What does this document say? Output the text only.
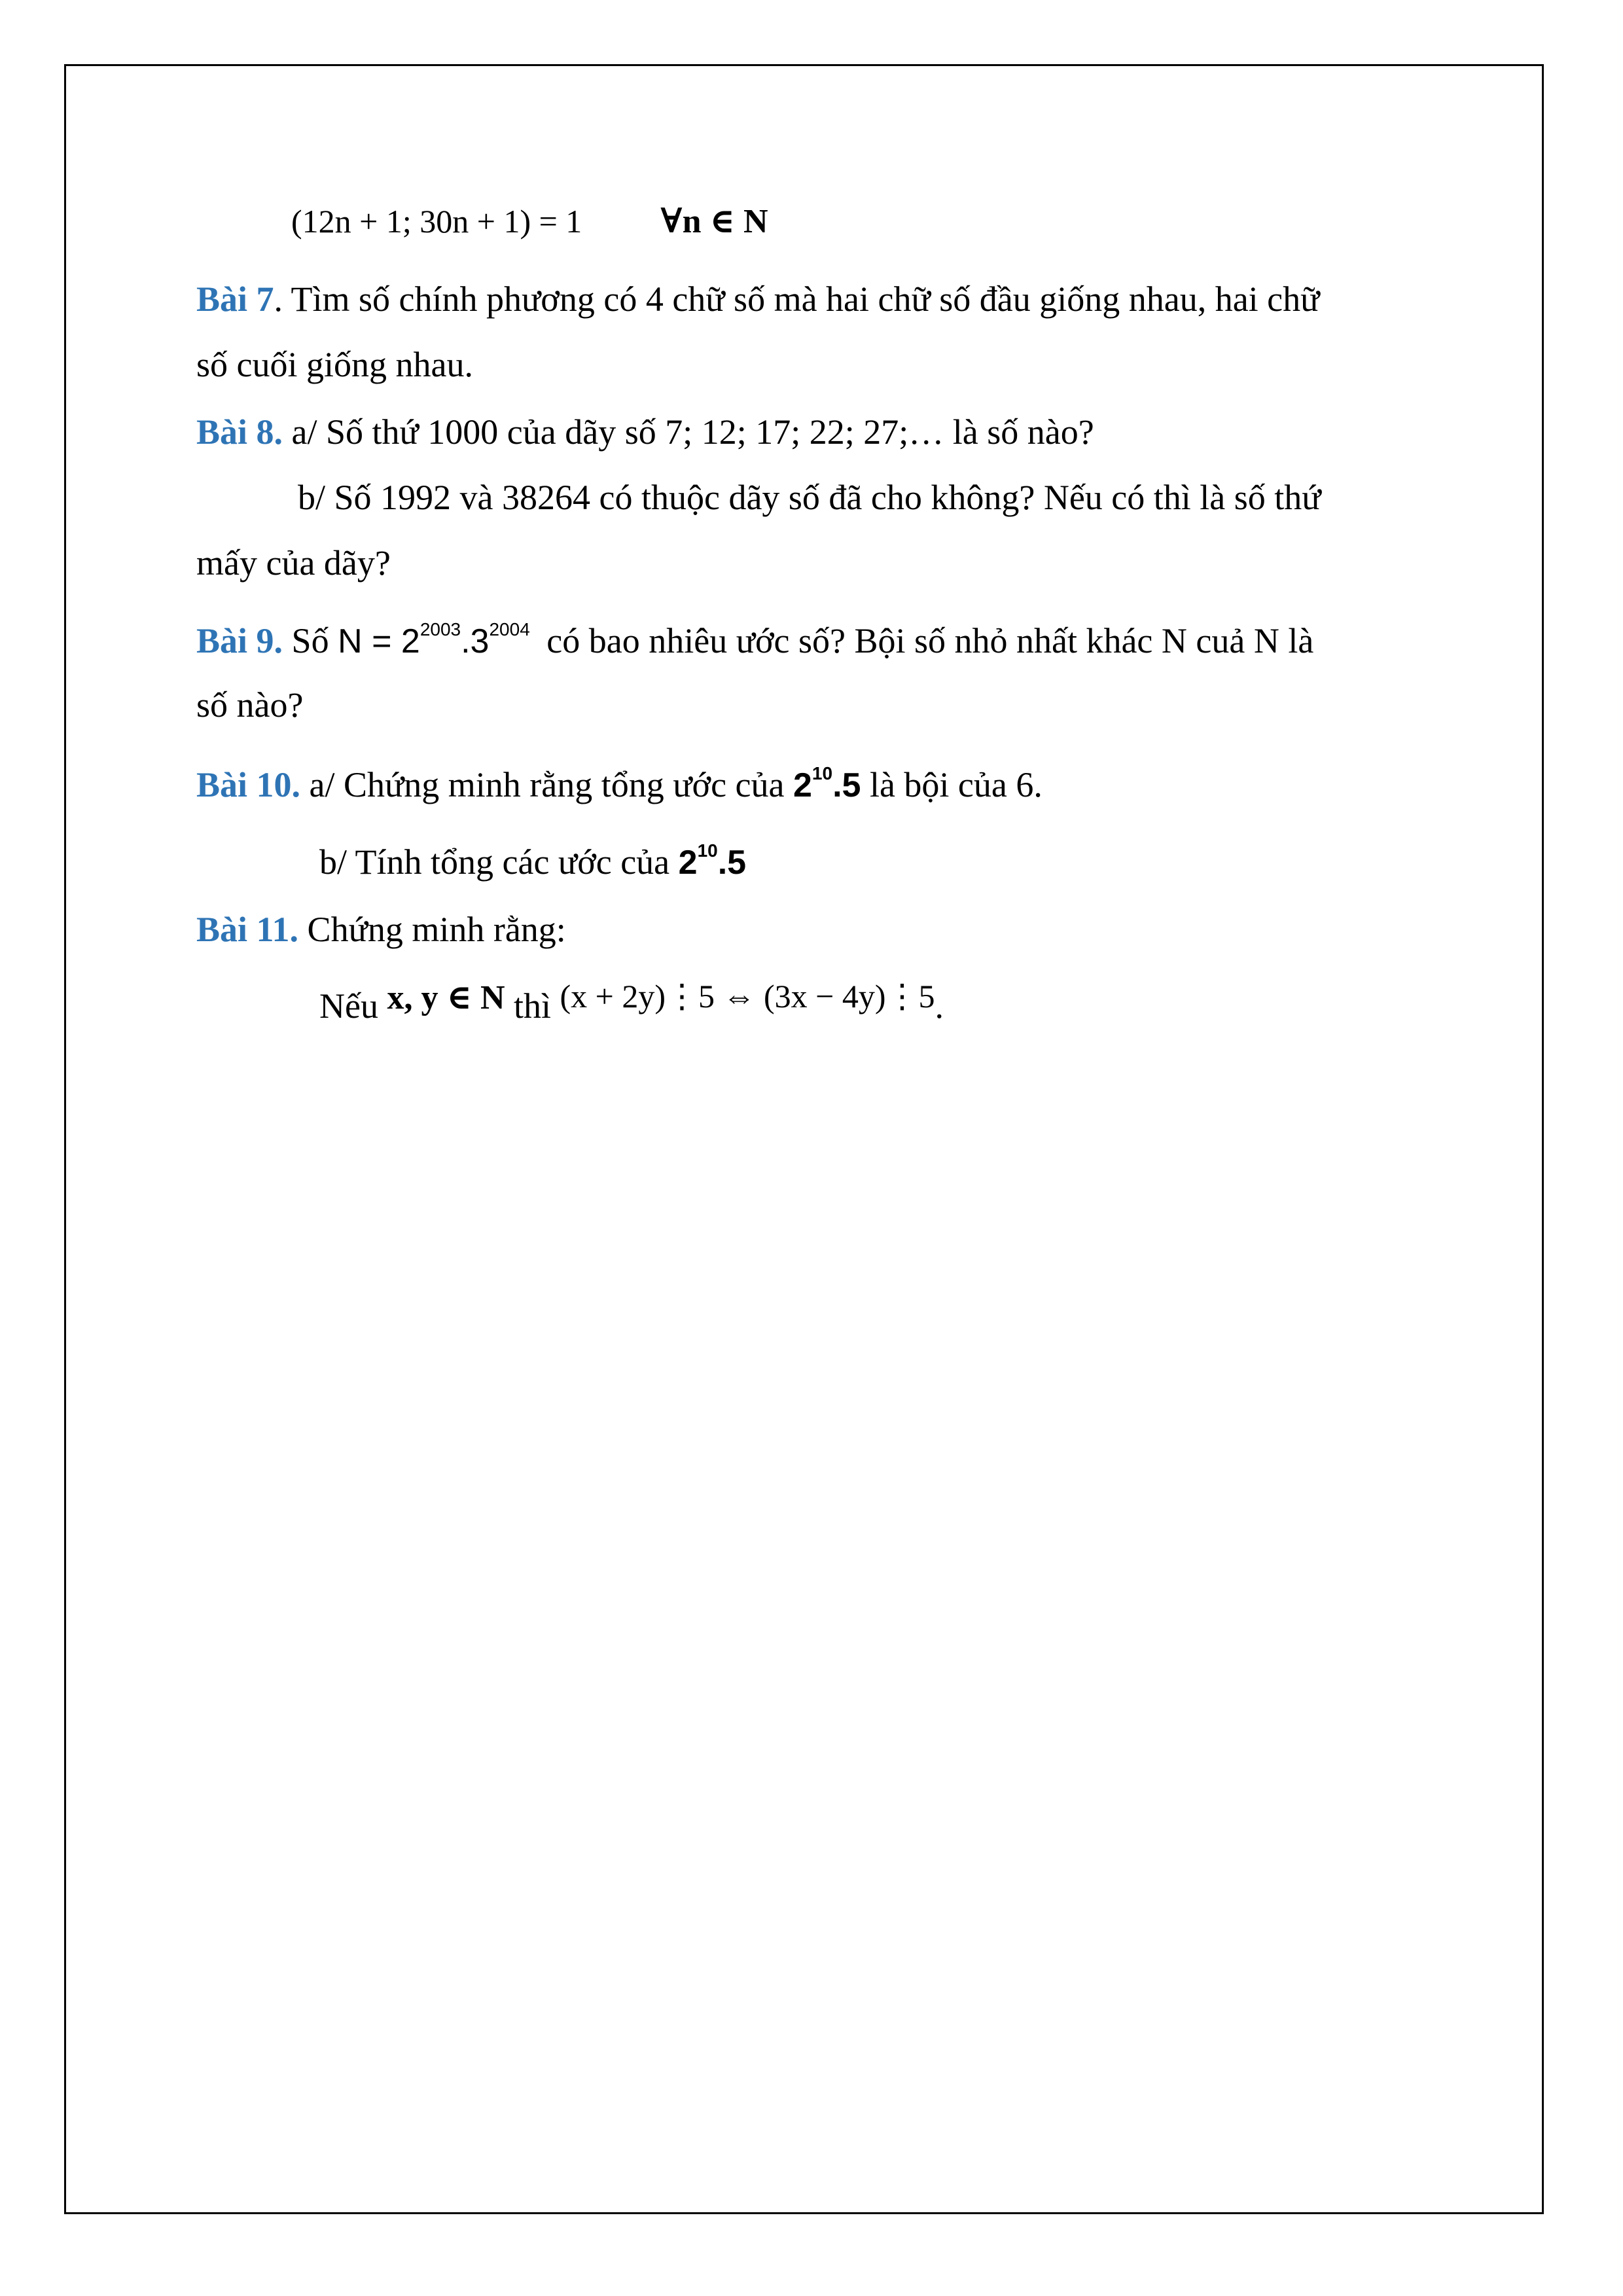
(12n + 1; 30n + 1) = 1 ∀n ∈ N
Bài 7. Tìm số chính phương có 4 chữ số mà hai chữ số đầu giống nhau, hai chữ
số cuối giống nhau.
Bài 8. a/ Số thứ 1000 của dãy số 7; 12; 17; 22; 27;… là số nào?
b/ Số 1992 và 38264 có thuộc dãy số đã cho không? Nếu có thì là số thứ
mấy của dãy?
Bài 9. Số $N = 2^{2003}.3^{2004}$ có bao nhiêu ước số? Bội số nhỏ nhất khác N cuả N là
số nào?
Bài 10. a/ Chứng minh rằng tổng ước của $2^{10}.5$ là bội của 6.
b/ Tính tổng các ước của $2^{10}.5$
Bài 11. Chứng minh rằng:
Nếu x, y ∈ N thì (x + 2y)⋮5 ⇔ (3x − 4y)⋮5.
